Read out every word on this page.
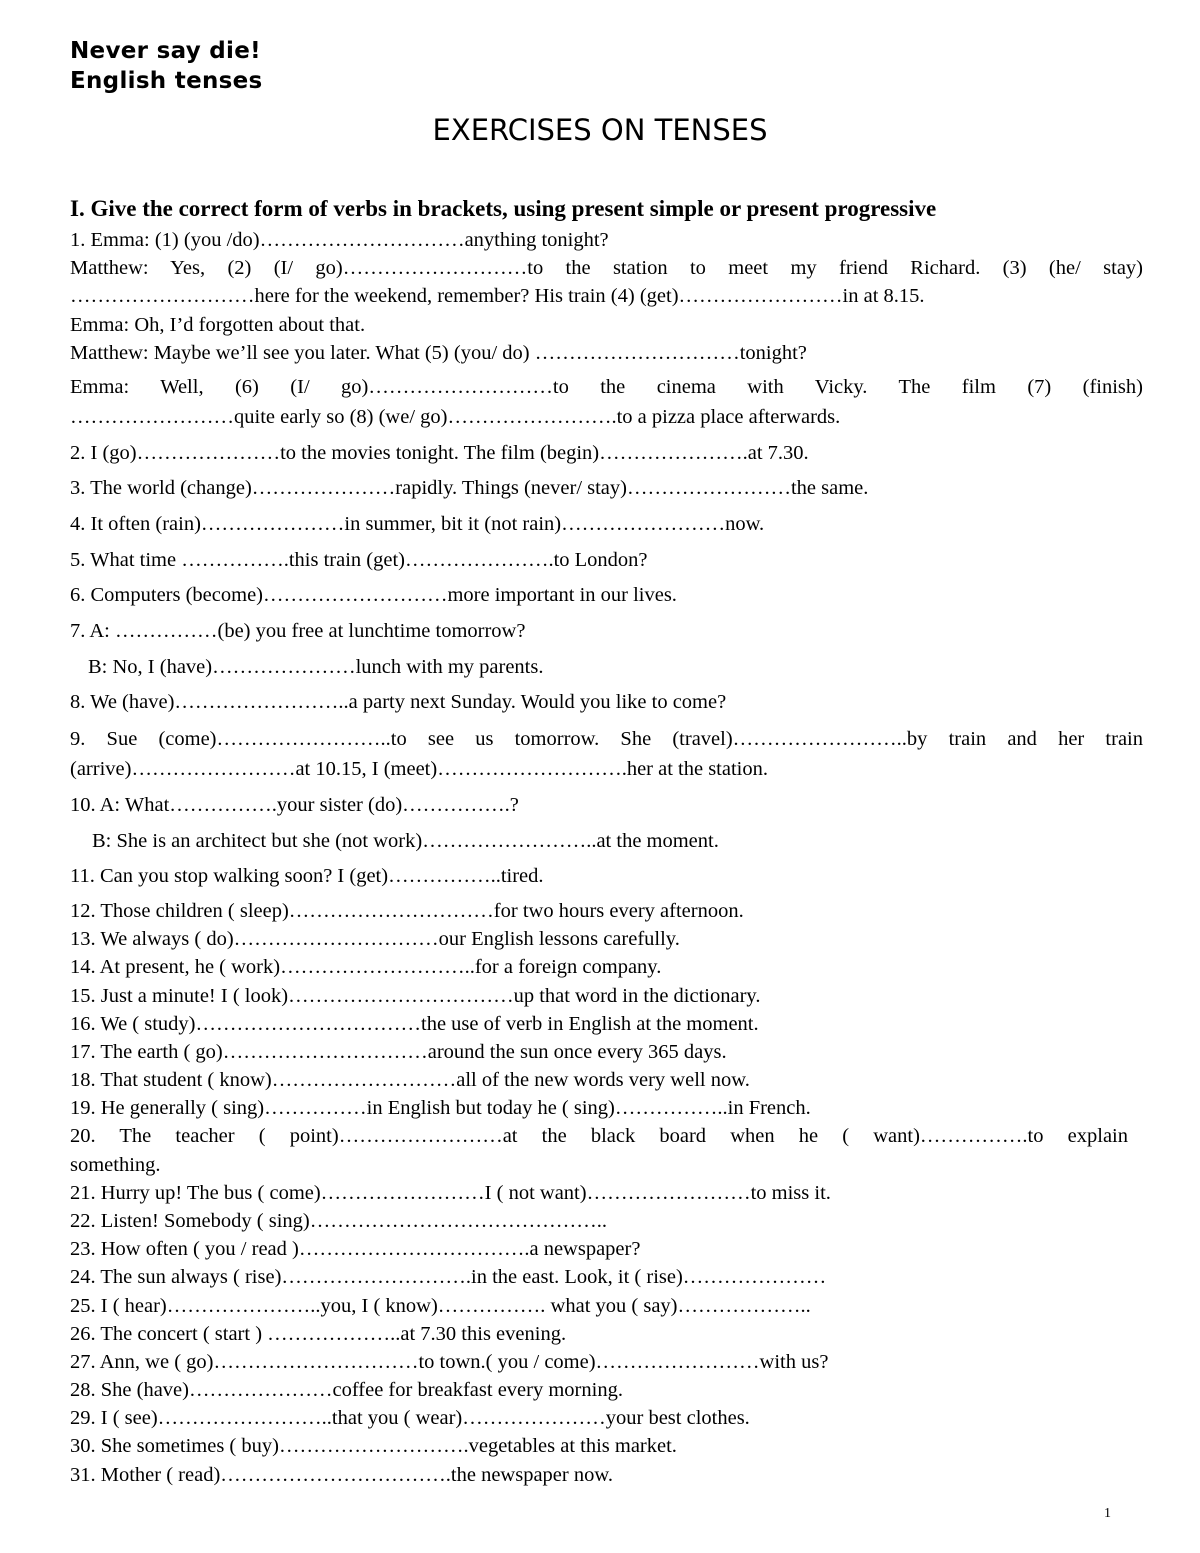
Never say die!
English tenses
EXERCISES ON TENSES
I. Give the correct form of verbs in brackets, using present simple or present progressive
1. Emma: (1) (you /do)…………………………anything tonight?
Matthew: Yes, (2) (I/ go)………………………to the station to meet my friend Richard. (3) (he/ stay)
………………………here for the weekend, remember? His train (4) (get)……………………in at 8.15.
Emma: Oh, I’d forgotten about that.
Matthew: Maybe we’ll see you later. What (5) (you/ do) …………………………tonight?
Emma: Well, (6) (I/ go)………………………to the cinema with Vicky. The film (7) (finish)
……………………quite early so (8) (we/ go)…………………….to a pizza place afterwards.
2. I (go)…………………to the movies tonight. The film (begin)………………….at 7.30.
3. The world (change)…………………rapidly. Things (never/ stay)……………………the same.
4. It often (rain)…………………in summer, bit it (not rain)……………………now.
5. What time …………….this train (get)………………….to London?
6. Computers (become)………………………more important in our lives.
7. A: ……………(be) you free at lunchtime tomorrow?
B: No, I (have)…………………lunch with my parents.
8. We (have)……………………..a party next Sunday. Would you like to come?
9. Sue (come)……………………..to see us tomorrow. She (travel)……………………..by train and her train
(arrive)……………………at 10.15, I (meet)……………………….her at the station.
10. A: What…………….your sister (do)…………….?
B: She is an architect but she (not work)……………………..at the moment.
11. Can you stop walking soon? I (get)……………..tired.
12. Those children ( sleep)…………………………for two hours every afternoon.
13. We always ( do)…………………………our English lessons carefully.
14. At present, he ( work)………………………..for a foreign company.
15. Just a minute! I ( look)……………………………up that word in the dictionary.
16. We ( study)……………………………the use of verb in English at the moment.
17. The earth ( go)…………………………around the sun once every 365 days.
18. That student ( know)………………………all of the new words very well now.
19. He generally ( sing)……………in English but today he ( sing)……………..in French.
20. The teacher ( point)……………………at the black board when he ( want)…………….to explain
something.
21. Hurry up! The bus ( come)……………………I ( not want)……………………to miss it.
22. Listen! Somebody ( sing)……………………………………..
23. How often ( you / read )…………………………….a newspaper?
24. The sun always ( rise)……………………….in the east. Look, it ( rise)…………………
25. I ( hear)…………………..you, I ( know)……………. what you ( say)………………..
26. The concert ( start ) ………………..at 7.30 this evening.
27. Ann, we ( go)…………………………to town.( you / come)……………………with us?
28. She (have)…………………coffee for breakfast every morning.
29. I ( see)……………………..that you ( wear)…………………your best clothes.
30. She sometimes ( buy)……………………….vegetables at this market.
31. Mother ( read)…………………………….the newspaper now.
1
